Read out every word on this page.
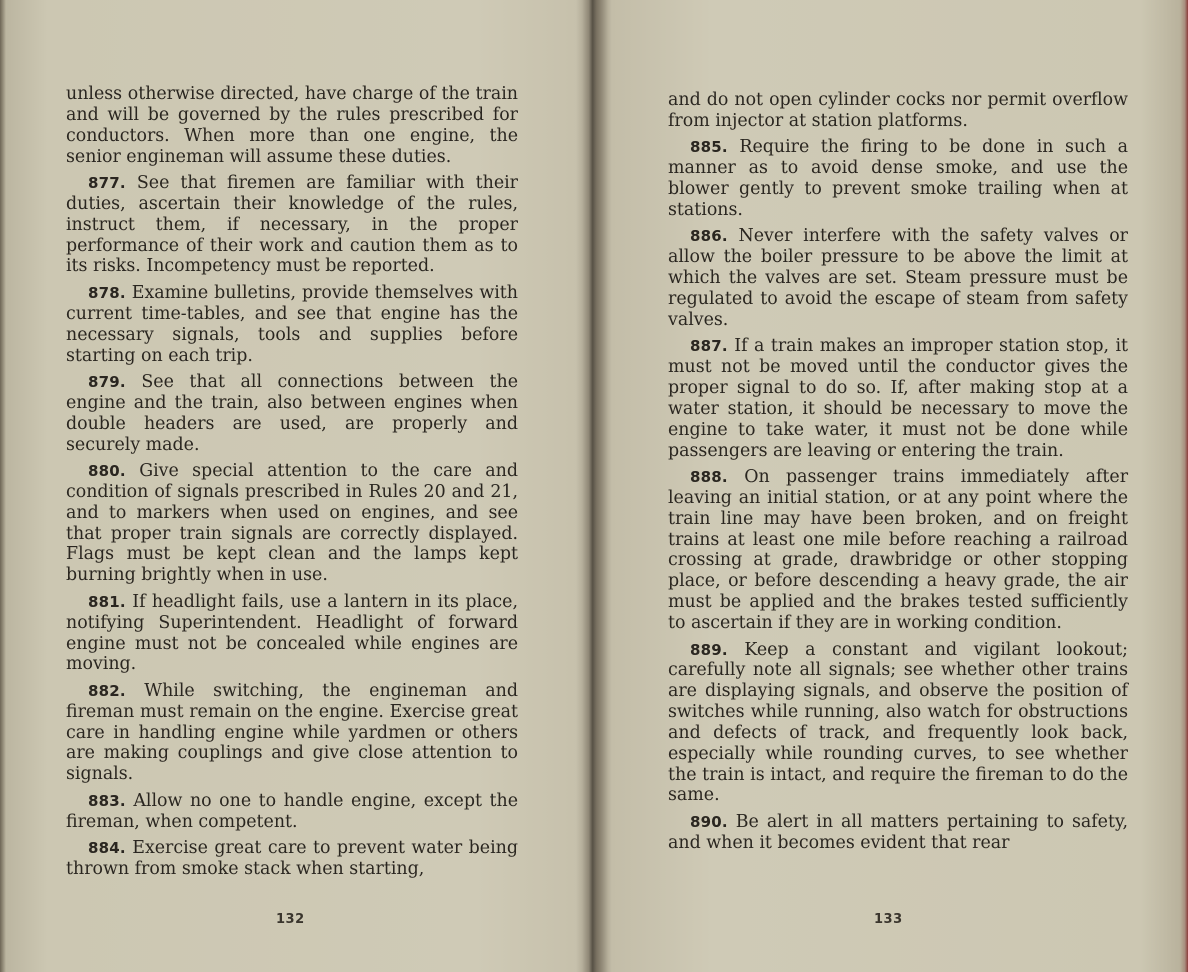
unless otherwise directed, have charge of the train and will be governed by the rules prescribed for conductors. When more than one engine, the senior engineman will assume these duties.

877. See that firemen are familiar with their duties, ascertain their knowledge of the rules, instruct them, if necessary, in the proper performance of their work and caution them as to its risks. Incompetency must be reported.

878. Examine bulletins, provide themselves with current time-tables, and see that engine has the necessary signals, tools and supplies before starting on each trip.

879. See that all connections between the engine and the train, also between engines when double headers are used, are properly and securely made.

880. Give special attention to the care and condition of signals prescribed in Rules 20 and 21, and to markers when used on engines, and see that proper train signals are correctly displayed. Flags must be kept clean and the lamps kept burning brightly when in use.

881. If headlight fails, use a lantern in its place, notifying Superintendent. Headlight of forward engine must not be concealed while engines are moving.

882. While switching, the engineman and fireman must remain on the engine. Exercise great care in handling engine while yardmen or others are making couplings and give close attention to signals.

883. Allow no one to handle engine, except the fireman, when competent.

884. Exercise great care to prevent water being thrown from smoke stack when starting,

132

and do not open cylinder cocks nor permit overflow from injector at station platforms.

885. Require the firing to be done in such a manner as to avoid dense smoke, and use the blower gently to prevent smoke trailing when at stations.

886. Never interfere with the safety valves or allow the boiler pressure to be above the limit at which the valves are set. Steam pressure must be regulated to avoid the escape of steam from safety valves.

887. If a train makes an improper station stop, it must not be moved until the conductor gives the proper signal to do so. If, after making stop at a water station, it should be necessary to move the engine to take water, it must not be done while passengers are leaving or entering the train.

888. On passenger trains immediately after leaving an initial station, or at any point where the train line may have been broken, and on freight trains at least one mile before reaching a railroad crossing at grade, drawbridge or other stopping place, or before descending a heavy grade, the air must be applied and the brakes tested sufficiently to ascertain if they are in working condition.

889. Keep a constant and vigilant lookout; carefully note all signals; see whether other trains are displaying signals, and observe the position of switches while running, also watch for obstructions and defects of track, and frequently look back, especially while rounding curves, to see whether the train is intact, and require the fireman to do the same.

890. Be alert in all matters pertaining to safety, and when it becomes evident that rear

133
